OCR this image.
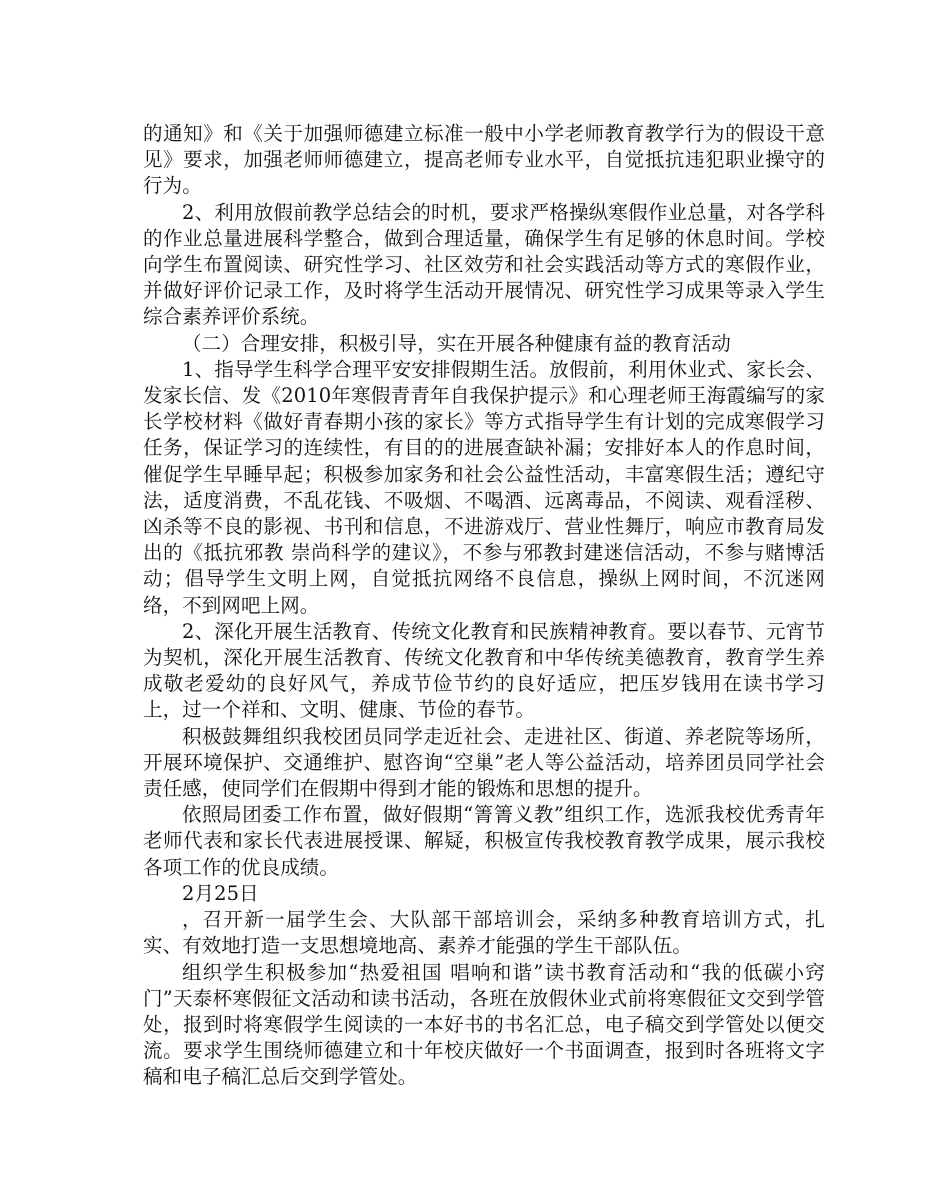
的通知》和《关于加强师德建立标准一般中小学老师教育教学行为的假设干意见》要求，加强老师师德建立，提高老师专业水平，自觉抵抗违犯职业操守的行为。

2、利用放假前教学总结会的时机，要求严格操纵寒假作业总量，对各学科的作业总量进展科学整合，做到合理适量，确保学生有足够的休息时间。学校向学生布置阅读、研究性学习、社区效劳和社会实践活动等方式的寒假作业，并做好评价记录工作，及时将学生活动开展情况、研究性学习成果等录入学生综合素养评价系统。

（二）合理安排，积极引导，实在开展各种健康有益的教育活动

1、指导学生科学合理平安安排假期生活。放假前，利用休业式、家长会、发家长信、发《2010年寒假青青年自我保护提示》和心理老师王海霞编写的家长学校材料《做好青春期小孩的家长》等方式指导学生有计划的完成寒假学习任务，保证学习的连续性，有目的的进展查缺补漏；安排好本人的作息时间，催促学生早睡早起；积极参加家务和社会公益性活动，丰富寒假生活；遵纪守法，适度消费，不乱花钱、不吸烟、不喝酒、远离毒品，不阅读、观看淫秽、凶杀等不良的影视、书刊和信息，不进游戏厅、营业性舞厅，响应市教育局发出的《抵抗邪教 崇尚科学的建议》，不参与邪教封建迷信活动，不参与赌博活动；倡导学生文明上网，自觉抵抗网络不良信息，操纵上网时间，不沉迷网络，不到网吧上网。

2、深化开展生活教育、传统文化教育和民族精神教育。要以春节、元宵节为契机，深化开展生活教育、传统文化教育和中华传统美德教育，教育学生养成敬老爱幼的良好风气，养成节俭节约的良好适应，把压岁钱用在读书学习上，过一个祥和、文明、健康、节俭的春节。

积极鼓舞组织我校团员同学走近社会、走进社区、街道、养老院等场所，开展环境保护、交通维护、慰咨询“空巢”老人等公益活动，培养团员同学社会责任感，使同学们在假期中得到才能的锻炼和思想的提升。

依照局团委工作布置，做好假期“箐箐义教”组织工作，选派我校优秀青年老师代表和家长代表进展授课、解疑，积极宣传我校教育教学成果，展示我校各项工作的优良成绩。

2月25日

，召开新一届学生会、大队部干部培训会，采纳多种教育培训方式，扎实、有效地打造一支思想境地高、素养才能强的学生干部队伍。

组织学生积极参加“热爱祖国 唱响和谐”读书教育活动和“我的低碳小窍门”天泰杯寒假征文活动和读书活动，各班在放假休业式前将寒假征文交到学管处，报到时将寒假学生阅读的一本好书的书名汇总，电子稿交到学管处以便交流。要求学生围绕师德建立和十年校庆做好一个书面调查，报到时各班将文字稿和电子稿汇总后交到学管处。
